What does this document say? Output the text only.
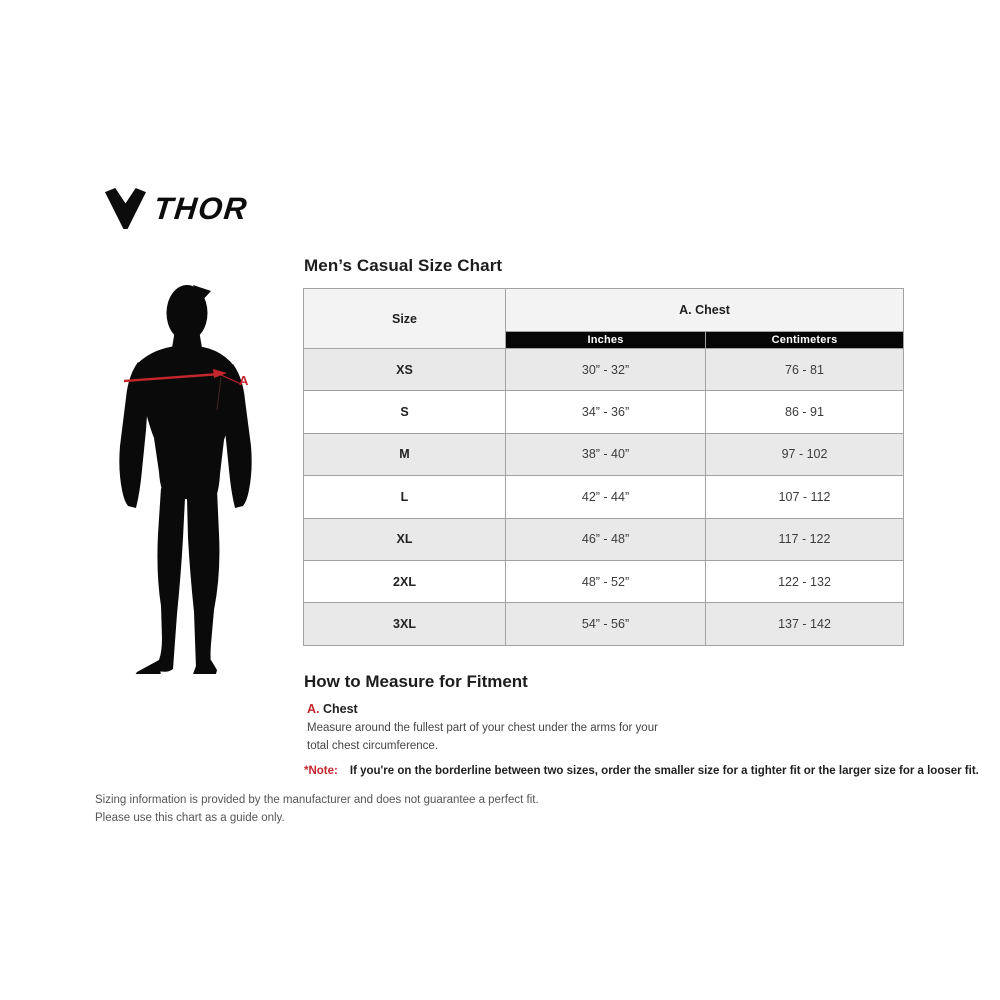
THOR
A
Men’s Casual Size Chart
Size	A. Chest	
	Inches	Centimeters
XS	30” - 32”	76 - 81
S	34” - 36”	86 - 91
M	38” - 40”	97 - 102
L	42” - 44”	107 - 112
XL	46” - 48”	117 - 122
2XL	48” - 52”	122 - 132
3XL	54” - 56”	137 - 142
How to Measure for Fitment
A. Chest
Measure around the fullest part of your chest under the arms for your
total chest circumference.
*Note: If you're on the borderline between two sizes, order the smaller size for a tighter fit or the larger size for a looser fit.
Sizing information is provided by the manufacturer and does not guarantee a perfect fit.
Please use this chart as a guide only.
